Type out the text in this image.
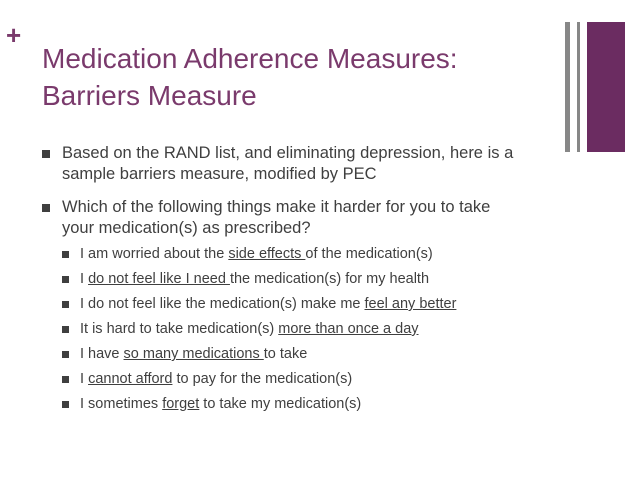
+
Medication Adherence Measures:
Barriers Measure
Based on the RAND list, and eliminating depression, here is a
sample barriers measure, modified by PEC
Which of the following things make it harder for you to take
your medication(s) as prescribed?
I am worried about the side effects of the medication(s)
I do not feel like I need the medication(s) for my health
I do not feel like the medication(s) make me feel any better
It is hard to take medication(s) more than once a day
I have so many medications to take
I cannot afford to pay for the medication(s)
I sometimes forget to take my medication(s)
